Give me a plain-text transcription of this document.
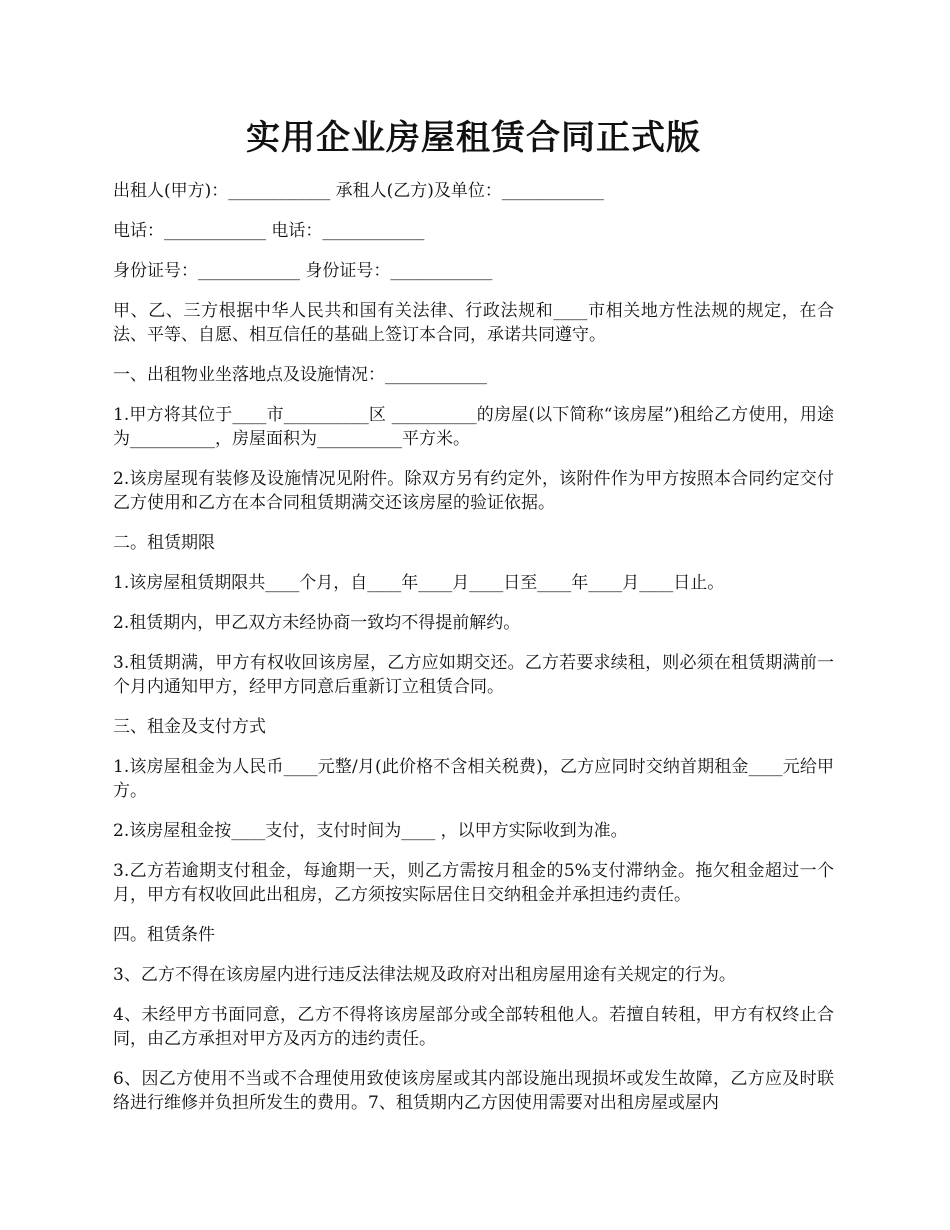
实用企业房屋租赁合同正式版

出租人(甲方)：____________ 承租人(乙方)及单位：____________

电话：____________ 电话：____________

身份证号：____________ 身份证号：____________

甲、乙、三方根据中华人民共和国有关法律、行政法规和____市相关地方性法规的规定，在合法、平等、自愿、相互信任的基础上签订本合同，承诺共同遵守。

一、出租物业坐落地点及设施情况：____________

1.甲方将其位于____市__________区 __________的房屋(以下简称“该房屋”)租给乙方使用，用途为__________，房屋面积为__________平方米。

2.该房屋现有装修及设施情况见附件。除双方另有约定外，该附件作为甲方按照本合同约定交付乙方使用和乙方在本合同租赁期满交还该房屋的验证依据。

二。租赁期限

1.该房屋租赁期限共____个月，自____年____月____日至____年____月____日止。

2.租赁期内，甲乙双方未经协商一致均不得提前解约。

3.租赁期满，甲方有权收回该房屋，乙方应如期交还。乙方若要求续租，则必须在租赁期满前一个月内通知甲方，经甲方同意后重新订立租赁合同。

三、租金及支付方式

1.该房屋租金为人民币____元整/月(此价格不含相关税费)，乙方应同时交纳首期租金____元给甲方。

2.该房屋租金按____支付，支付时间为____ ，以甲方实际收到为准。

3.乙方若逾期支付租金，每逾期一天，则乙方需按月租金的5%支付滞纳金。拖欠租金超过一个月，甲方有权收回此出租房，乙方须按实际居住日交纳租金并承担违约责任。

四。租赁条件

3、乙方不得在该房屋内进行违反法律法规及政府对出租房屋用途有关规定的行为。

4、未经甲方书面同意，乙方不得将该房屋部分或全部转租他人。若擅自转租，甲方有权终止合同，由乙方承担对甲方及丙方的违约责任。

6、因乙方使用不当或不合理使用致使该房屋或其内部设施出现损坏或发生故障，乙方应及时联络进行维修并负担所发生的费用。7、租赁期内乙方因使用需要对出租房屋或屋内
